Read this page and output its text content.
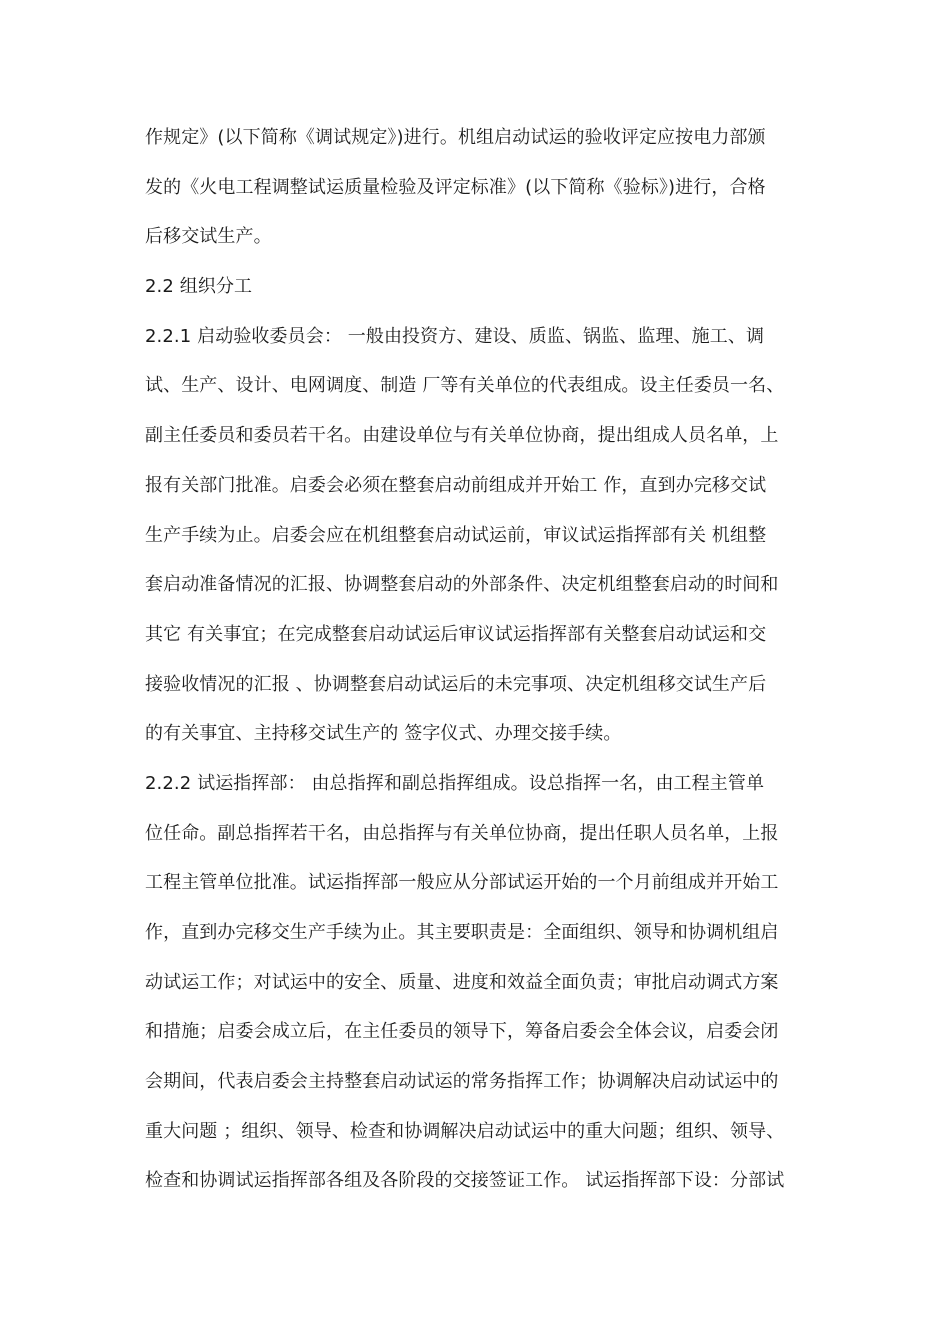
作规定》(以下简称《调试规定》)进行。机组启动试运的验收评定应按电力部颁
发的《火电工程调整试运质量检验及评定标准》(以下简称《验标》)进行，合格
后移交试生产。
2.2 组织分工
2.2.1 启动验收委员会： 一般由投资方、建设、质监、锅监、监理、施工、调
试、生产、设计、电网调度、制造 厂等有关单位的代表组成。设主任委员一名、
副主任委员和委员若干名。由建设单位与有关单位协商，提出组成人员名单，上
报有关部门批准。启委会必须在整套启动前组成并开始工 作，直到办完移交试
生产手续为止。启委会应在机组整套启动试运前，审议试运指挥部有关 机组整
套启动准备情况的汇报、协调整套启动的外部条件、决定机组整套启动的时间和
其它 有关事宜；在完成整套启动试运后审议试运指挥部有关整套启动试运和交
接验收情况的汇报 、协调整套启动试运后的未完事项、决定机组移交试生产后
的有关事宜、主持移交试生产的 签字仪式、办理交接手续。
2.2.2 试运指挥部： 由总指挥和副总指挥组成。设总指挥一名，由工程主管单
位任命。副总指挥若干名，由总指挥与有关单位协商，提出任职人员名单，上报
工程主管单位批准。试运指挥部一般应从分部试运开始的一个月前组成并开始工
作，直到办完移交生产手续为止。其主要职责是：全面组织、领导和协调机组启
动试运工作；对试运中的安全、质量、进度和效益全面负责；审批启动调式方案
和措施；启委会成立后，在主任委员的领导下，筹备启委会全体会议，启委会闭
会期间，代表启委会主持整套启动试运的常务指挥工作；协调解决启动试运中的
重大问题 ；组织、领导、检查和协调解决启动试运中的重大问题；组织、领导、
检查和协调试运指挥部各组及各阶段的交接签证工作。 试运指挥部下设：分部试
